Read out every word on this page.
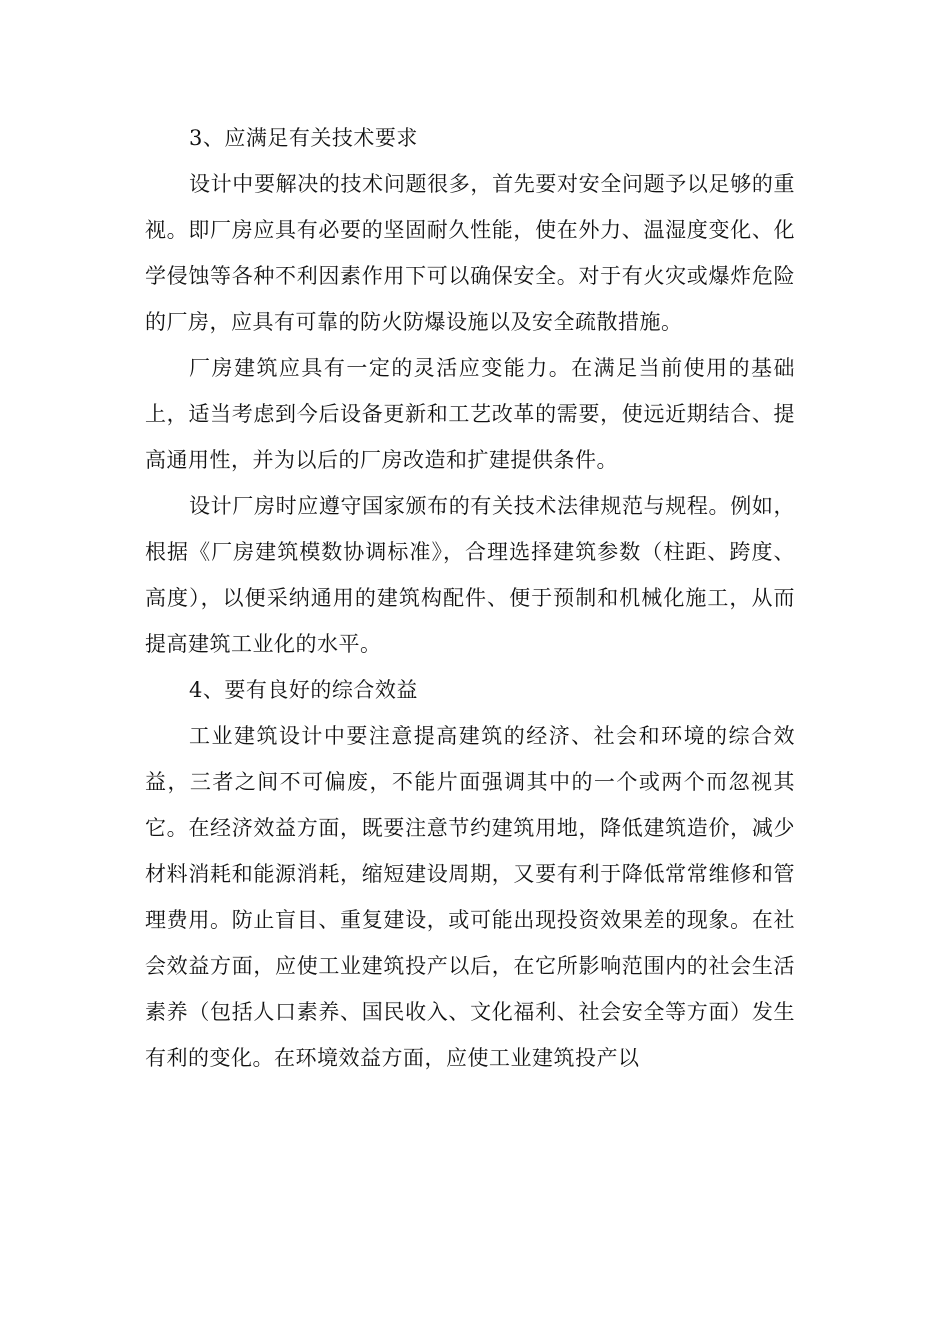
3、应满足有关技术要求

设计中要解决的技术问题很多，首先要对安全问题予以足够的重视。即厂房应具有必要的坚固耐久性能，使在外力、温湿度变化、化学侵蚀等各种不利因素作用下可以确保安全。对于有火灾或爆炸危险的厂房，应具有可靠的防火防爆设施以及安全疏散措施。

厂房建筑应具有一定的灵活应变能力。在满足当前使用的基础上，适当考虑到今后设备更新和工艺改革的需要，使远近期结合、提高通用性，并为以后的厂房改造和扩建提供条件。

设计厂房时应遵守国家颁布的有关技术法律规范与规程。例如，根据《厂房建筑模数协调标准》，合理选择建筑参数（柱距、跨度、高度），以便采纳通用的建筑构配件、便于预制和机械化施工，从而提高建筑工业化的水平。

4、要有良好的综合效益

工业建筑设计中要注意提高建筑的经济、社会和环境的综合效益，三者之间不可偏废，不能片面强调其中的一个或两个而忽视其它。在经济效益方面，既要注意节约建筑用地，降低建筑造价，减少材料消耗和能源消耗，缩短建设周期，又要有利于降低常常维修和管理费用。防止盲目、重复建设，或可能出现投资效果差的现象。在社会效益方面，应使工业建筑投产以后，在它所影响范围内的社会生活素养（包括人口素养、国民收入、文化福利、社会安全等方面）发生有利的变化。在环境效益方面，应使工业建筑投产以
